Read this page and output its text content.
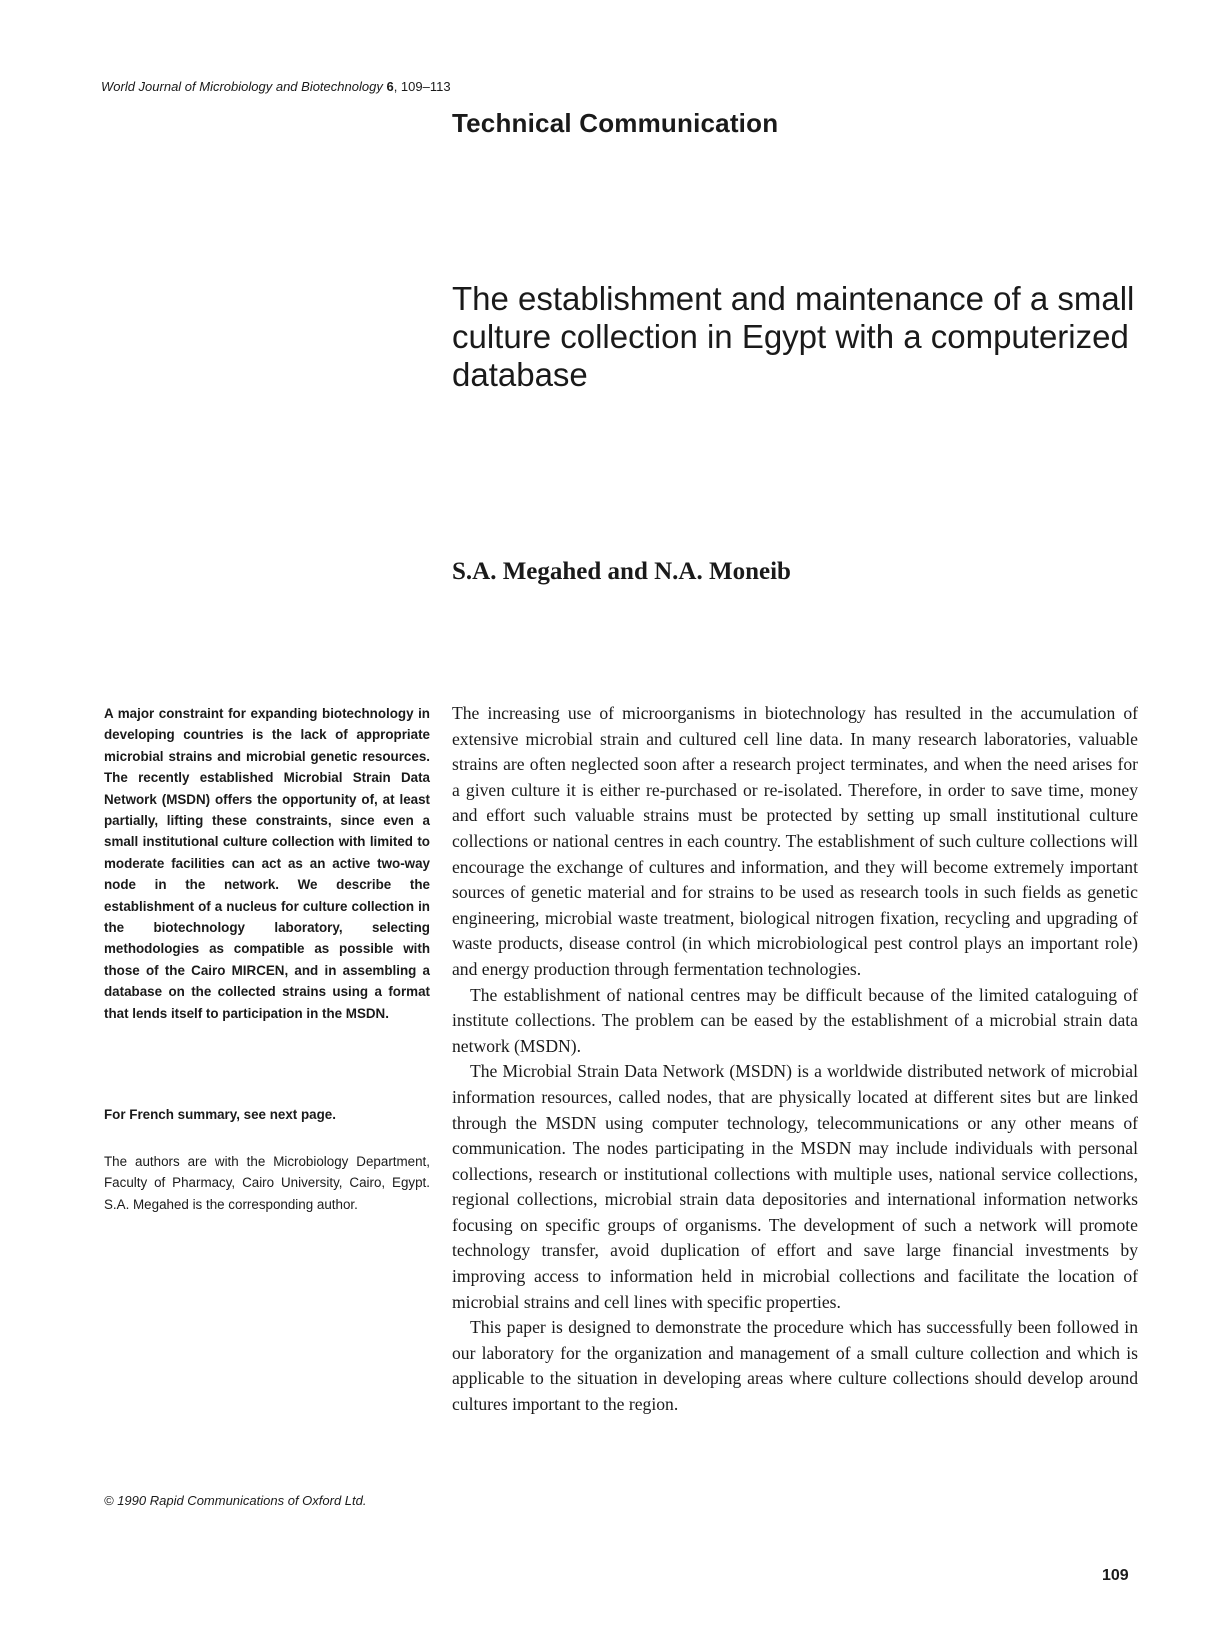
World Journal of Microbiology and Biotechnology 6, 109–113
Technical Communication
The establishment and maintenance of a small culture collection in Egypt with a computerized database
S.A. Megahed and N.A. Moneib

A major constraint for expanding biotechnology in developing countries is the lack of appropriate microbial strains and microbial genetic resources. The recently established Microbial Strain Data Network (MSDN) offers the opportunity of, at least partially, lifting these constraints, since even a small institutional culture collection with limited to moderate facilities can act as an active two-way node in the network. We describe the establishment of a nucleus for culture collection in the biotechnology laboratory, selecting methodologies as compatible as possible with those of the Cairo MIRCEN, and in assembling a database on the collected strains using a format that lends itself to participation in the MSDN.

For French summary, see next page.

The authors are with the Microbiology Department, Faculty of Pharmacy, Cairo University, Cairo, Egypt. S.A. Megahed is the corresponding author.

© 1990 Rapid Communications of Oxford Ltd.

The increasing use of microorganisms in biotechnology has resulted in the accumulation of extensive microbial strain and cultured cell line data. In many research laboratories, valuable strains are often neglected soon after a research project terminates, and when the need arises for a given culture it is either re-purchased or re-isolated. Therefore, in order to save time, money and effort such valuable strains must be protected by setting up small institutional culture collections or national centres in each country. The establishment of such culture collections will encourage the exchange of cultures and information, and they will become extremely important sources of genetic material and for strains to be used as research tools in such fields as genetic engineering, microbial waste treatment, biological nitrogen fixation, recycling and upgrading of waste products, disease control (in which microbiological pest control plays an important role) and energy production through fermentation technologies.

The establishment of national centres may be difficult because of the limited cataloguing of institute collections. The problem can be eased by the establishment of a microbial strain data network (MSDN).

The Microbial Strain Data Network (MSDN) is a worldwide distributed network of microbial information resources, called nodes, that are physically located at different sites but are linked through the MSDN using computer technology, telecommunications or any other means of communication. The nodes participating in the MSDN may include individuals with personal collections, research or institutional collections with multiple uses, national service collections, regional collections, microbial strain data depositories and international information networks focusing on specific groups of organisms. The development of such a network will promote technology transfer, avoid duplication of effort and save large financial investments by improving access to information held in microbial collections and facilitate the location of microbial strains and cell lines with specific properties.

This paper is designed to demonstrate the procedure which has successfully been followed in our laboratory for the organization and management of a small culture collection and which is applicable to the situation in developing areas where culture collections should develop around cultures important to the region.

109
